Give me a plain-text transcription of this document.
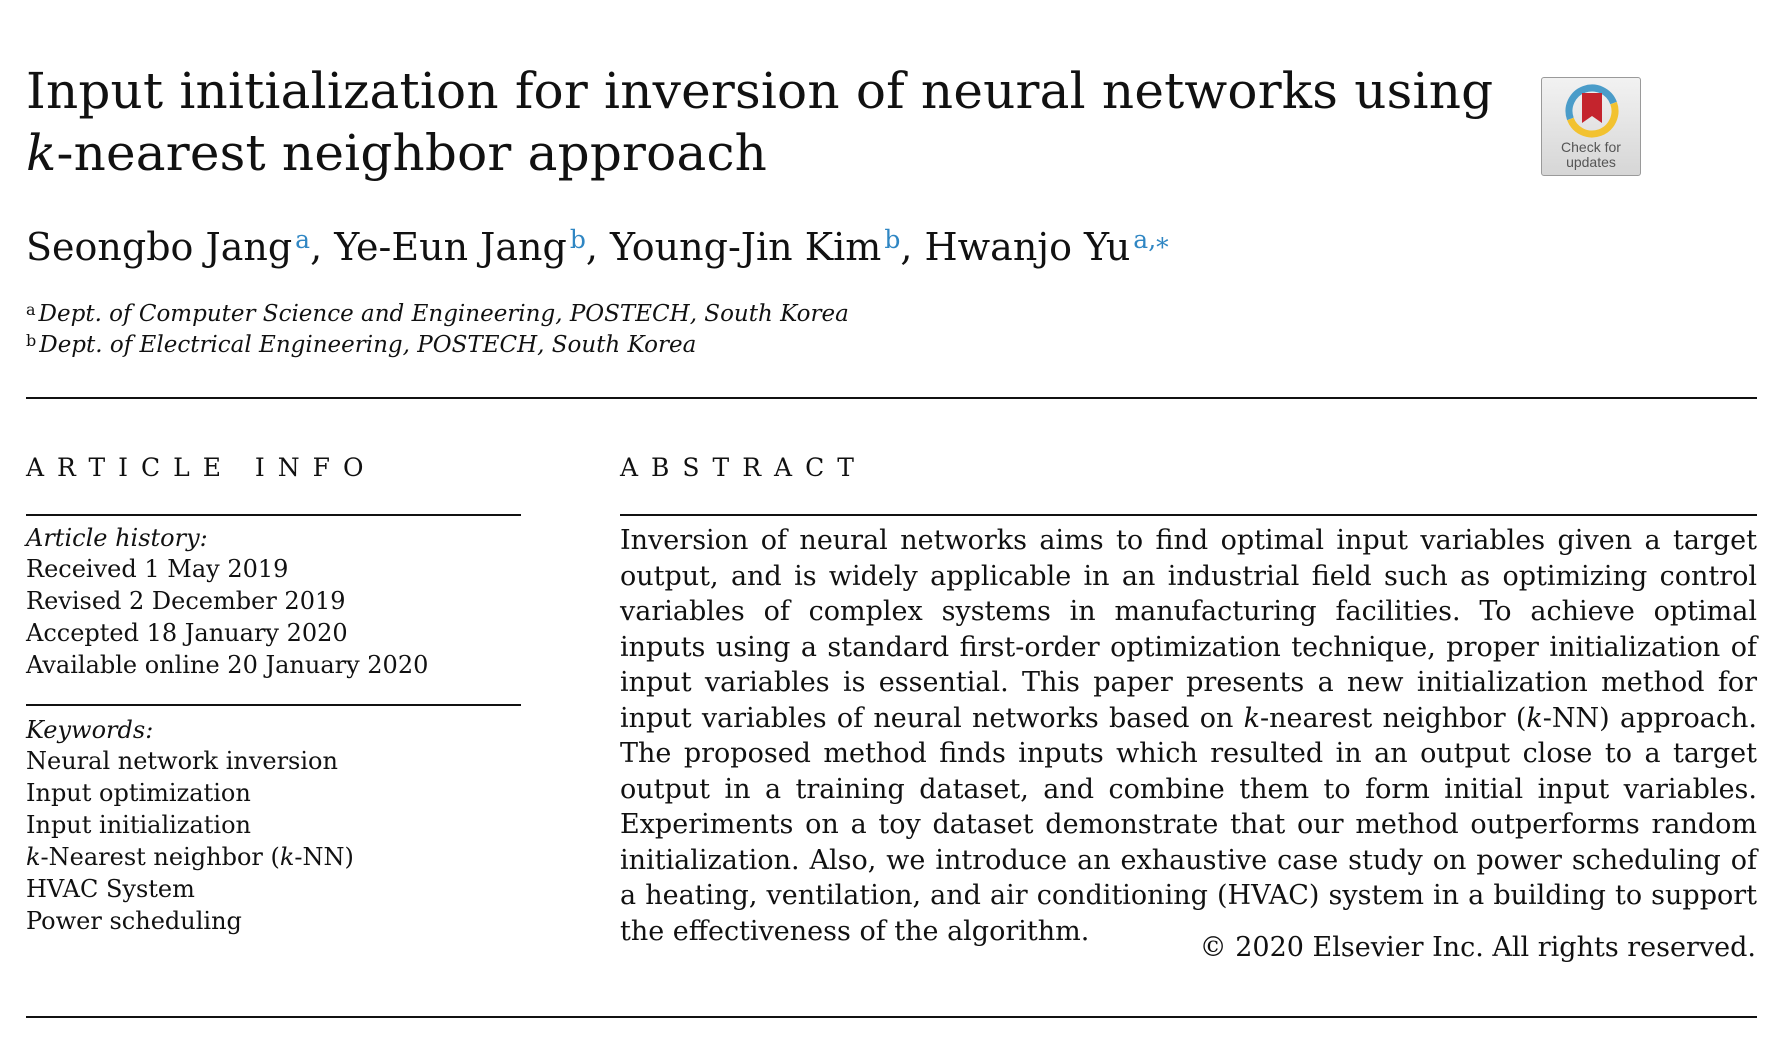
Input initialization for inversion of neural networks using
k-nearest neighbor approach	Check for
updates
Seongbo Jang $^a$, Ye-Eun Jang $^b$, Young-Jin Kim $^b$, Hwanjo Yu $^{a,⁎}$
$^a$ Dept. of Computer Science and Engineering, POSTECH, South Korea
$^b$ Dept. of Electrical Engineering, POSTECH, South Korea
ARTICLE INFO
Article history:
Received 1 May 2019
Revised 2 December 2019
Accepted 18 January 2020
Available online 20 January 2020
Keywords:
Neural network inversion
Input optimization
Input initialization
k-Nearest neighbor (k-NN)
HVAC System
Power scheduling
ABSTRACT

Inversion of neural networks aims to find optimal input variables given a target output, and is widely applicable in an industrial field such as optimizing control variables of complex systems in manufacturing facilities. To achieve optimal inputs using a standard first-order optimization technique, proper initialization of input variables is essential. This paper presents a new initialization method for input variables of neural networks based on k-nearest neighbor (k-NN) approach. The proposed method finds inputs which resulted in an output close to a target output in a training dataset, and combine them to form initial input variables. Experiments on a toy dataset demonstrate that our method outperforms random initialization. Also, we introduce an exhaustive case study on power scheduling of a heating, ventilation, and air conditioning (HVAC) system in a building to support the effectiveness of the algorithm.

© 2020 Elsevier Inc. All rights reserved.
